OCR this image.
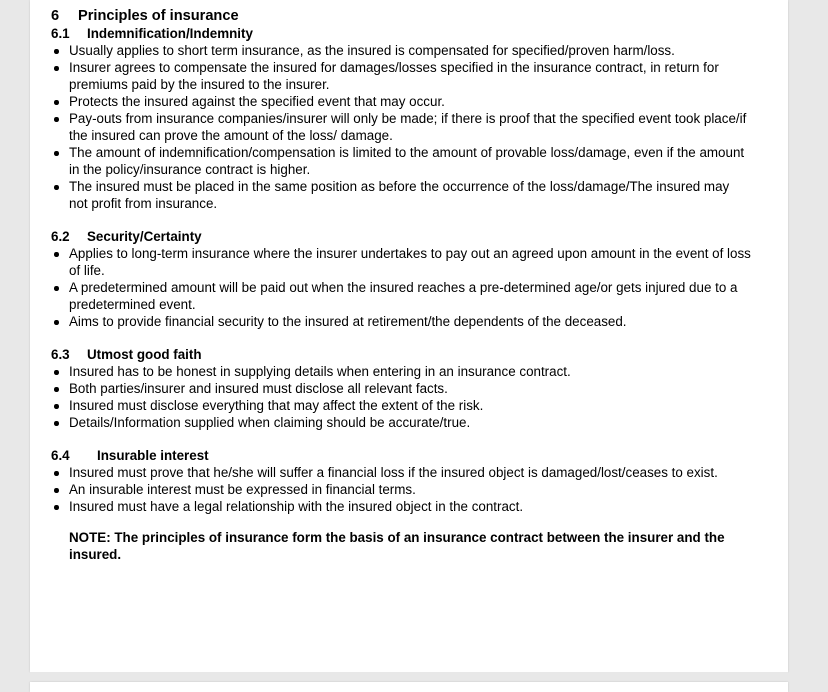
6	Principles of insurance
6.1	Indemnification/Indemnity
Usually applies to short term insurance, as the insured is compensated for specified/proven harm/loss.
Insurer agrees to compensate the insured for damages/losses specified in the insurance contract, in return for premiums paid by the insured to the insurer.
Protects the insured against the specified event that may occur.
Pay-outs from insurance companies/insurer will only be made; if there is proof that the specified event took place/if the insured can prove the amount of the loss/ damage.
The amount of indemnification/compensation is limited to the amount of provable loss/damage, even if the amount in the policy/insurance contract is higher.
The insured must be placed in the same position as before the occurrence of the loss/damage/The insured may not profit from insurance.
6.2	Security/Certainty
Applies to long-term insurance where the insurer undertakes to pay out an agreed upon amount in the event of loss of life.
A predetermined amount will be paid out when the insured reaches a pre-determined age/or gets injured due to a predetermined event.
Aims to provide financial security to the insured at retirement/the dependents of the deceased.
6.3	Utmost good faith
Insured has to be honest in supplying details when entering in an insurance contract.
Both parties/insurer and insured must disclose all relevant facts.
Insured must disclose everything that may affect the extent of the risk.
Details/Information supplied when claiming should be accurate/true.
6.4	Insurable interest
Insured must prove that he/she will suffer a financial loss if the insured object is damaged/lost/ceases to exist.
An insurable interest must be expressed in financial terms.
Insured must have a legal relationship with the insured object in the contract.

NOTE: The principles of insurance form the basis of an insurance contract between the insurer and the insured.
